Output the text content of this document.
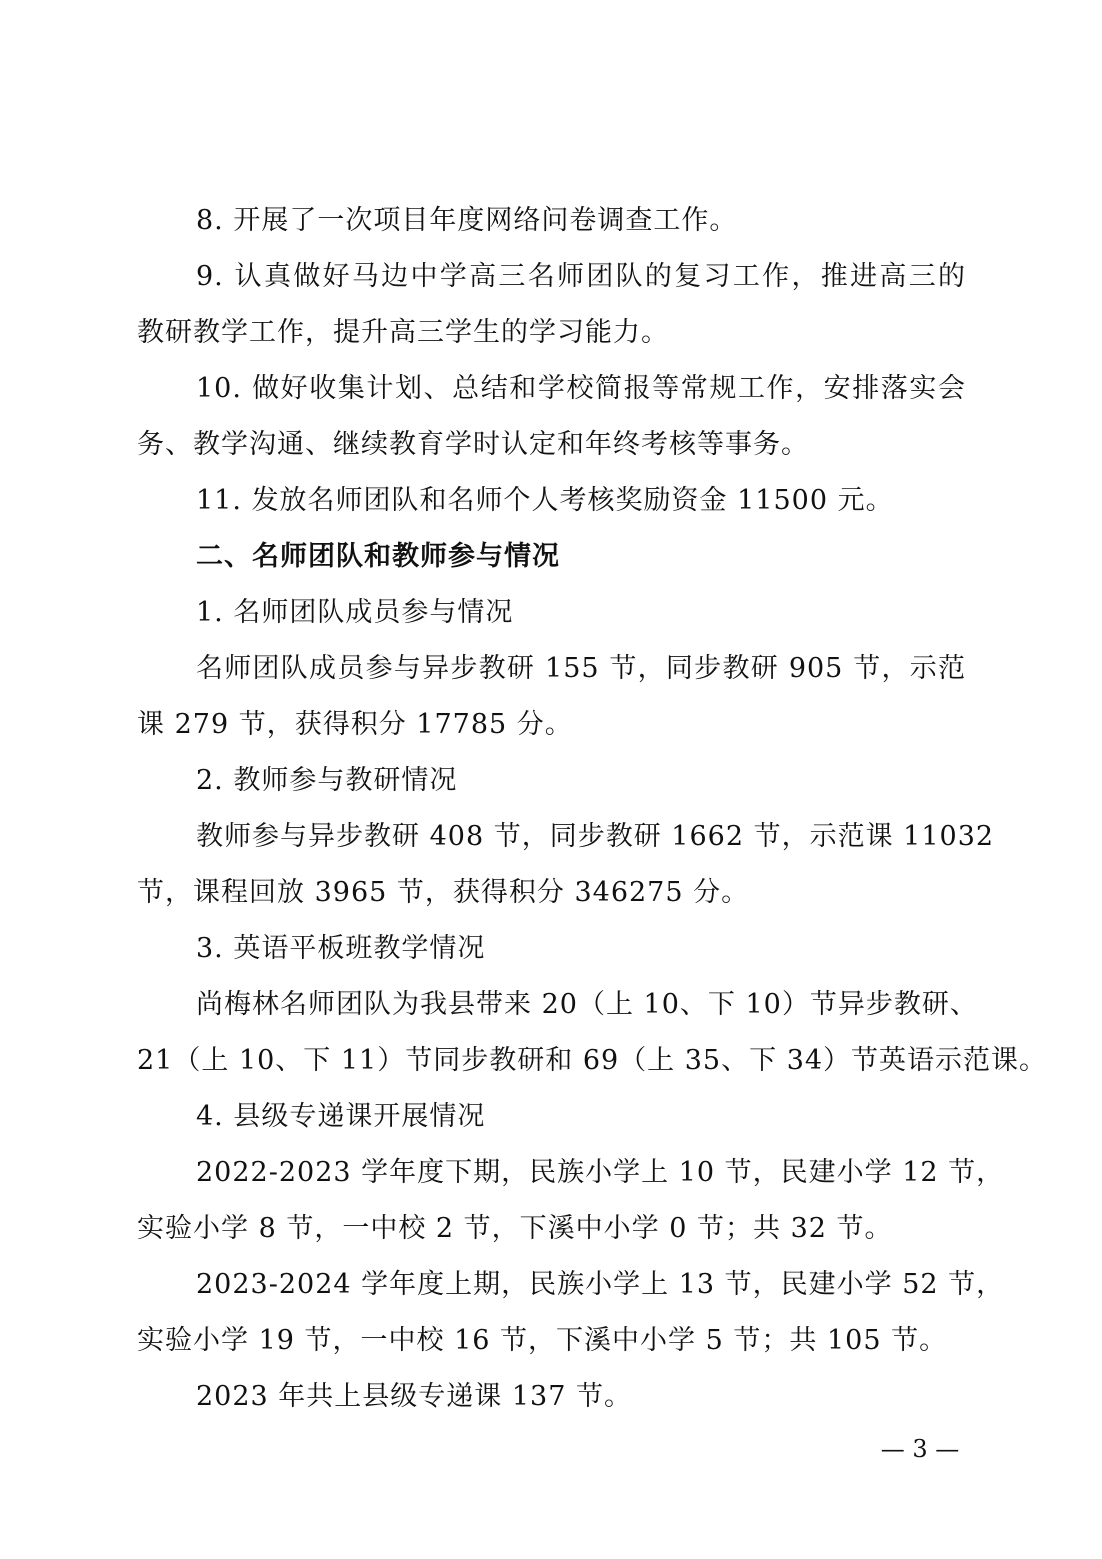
8. 开展了一次项目年度网络问卷调查工作。
9. 认真做好马边中学高三名师团队的复习工作，推进高三的
教研教学工作，提升高三学生的学习能力。
10. 做好收集计划、总结和学校简报等常规工作，安排落实会
务、教学沟通、继续教育学时认定和年终考核等事务。
11. 发放名师团队和名师个人考核奖励资金 11500 元。
二、名师团队和教师参与情况
1. 名师团队成员参与情况
名师团队成员参与异步教研 155 节，同步教研 905 节，示范
课 279 节，获得积分 17785 分。
2. 教师参与教研情况
教师参与异步教研 408 节，同步教研 1662 节，示范课 11032
节，课程回放 3965 节，获得积分 346275 分。
3. 英语平板班教学情况
尚梅林名师团队为我县带来 20（上 10、下 10）节异步教研、
21（上 10、下 11）节同步教研和 69（上 35、下 34）节英语示范课。
4. 县级专递课开展情况
2022-2023 学年度下期，民族小学上 10 节，民建小学 12 节，
实验小学 8 节，一中校 2 节，下溪中小学 0 节；共 32 节。
2023-2024 学年度上期，民族小学上 13 节，民建小学 52 节，
实验小学 19 节，一中校 16 节，下溪中小学 5 节；共 105 节。
2023 年共上县级专递课 137 节。
— 3 —
